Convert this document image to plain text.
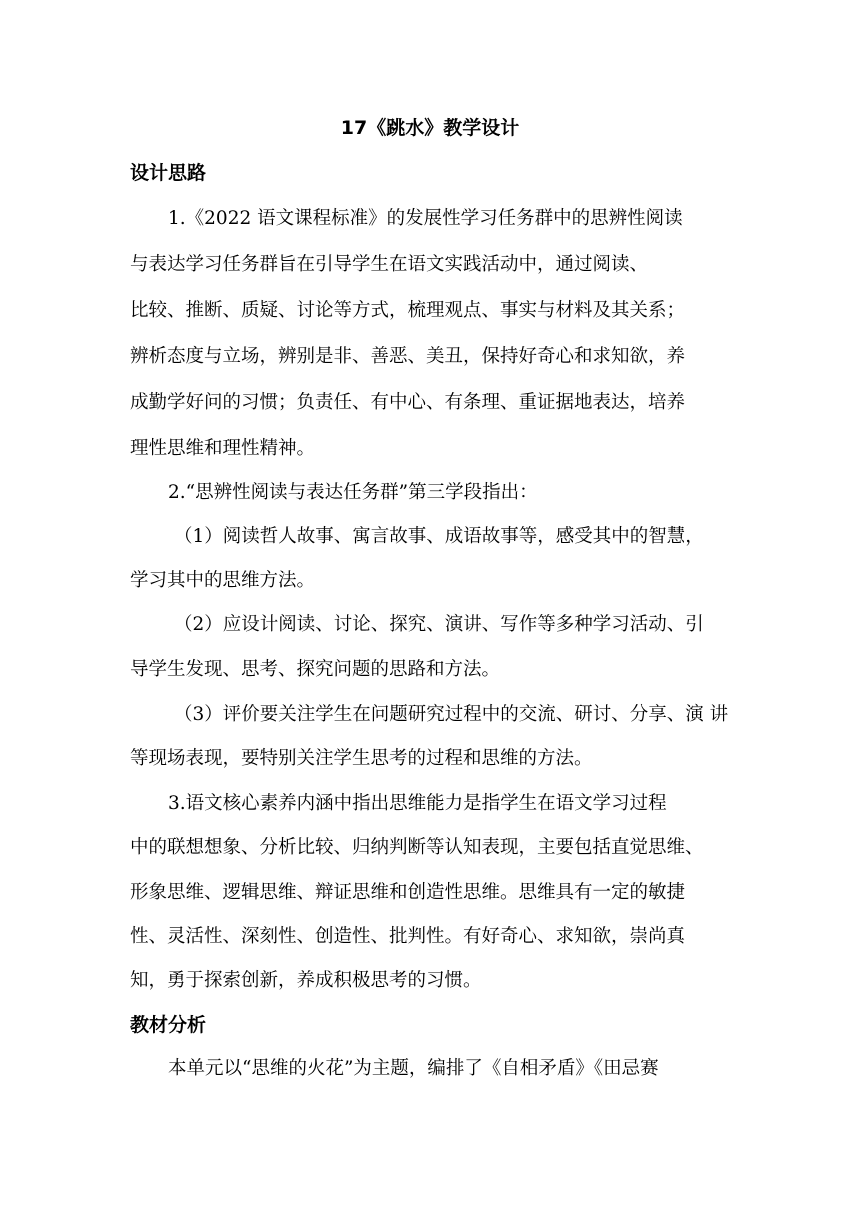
17《跳水》教学设计
设计思路

1.《2022 语文课程标准》的发展性学习任务群中的思辨性阅读

与表达学习任务群旨在引导学生在语文实践活动中，通过阅读、

比较、推断、质疑、讨论等方式，梳理观点、事实与材料及其关系；

辨析态度与立场，辨别是非、善恶、美丑，保持好奇心和求知欲，养

成勤学好问的习惯；负责任、有中心、有条理、重证据地表达，培养

理性思维和理性精神。

2.“思辨性阅读与表达任务群”第三学段指出：

（1）阅读哲人故事、寓言故事、成语故事等，感受其中的智慧，

学习其中的思维方法。

（2）应设计阅读、讨论、探究、演讲、写作等多种学习活动、引

导学生发现、思考、探究问题的思路和方法。

（3）评价要关注学生在问题研究过程中的交流、研讨、分享、演 讲

等现场表现，要特别关注学生思考的过程和思维的方法。

3.语文核心素养内涵中指出思维能力是指学生在语文学习过程

中的联想想象、分析比较、归纳判断等认知表现，主要包括直觉思维、

形象思维、逻辑思维、辩证思维和创造性思维。思维具有一定的敏捷

性、灵活性、深刻性、创造性、批判性。有好奇心、求知欲，崇尚真

知，勇于探索创新，养成积极思考的习惯。

教材分析

本单元以“思维的火花”为主题，编排了《自相矛盾》《田忌赛
